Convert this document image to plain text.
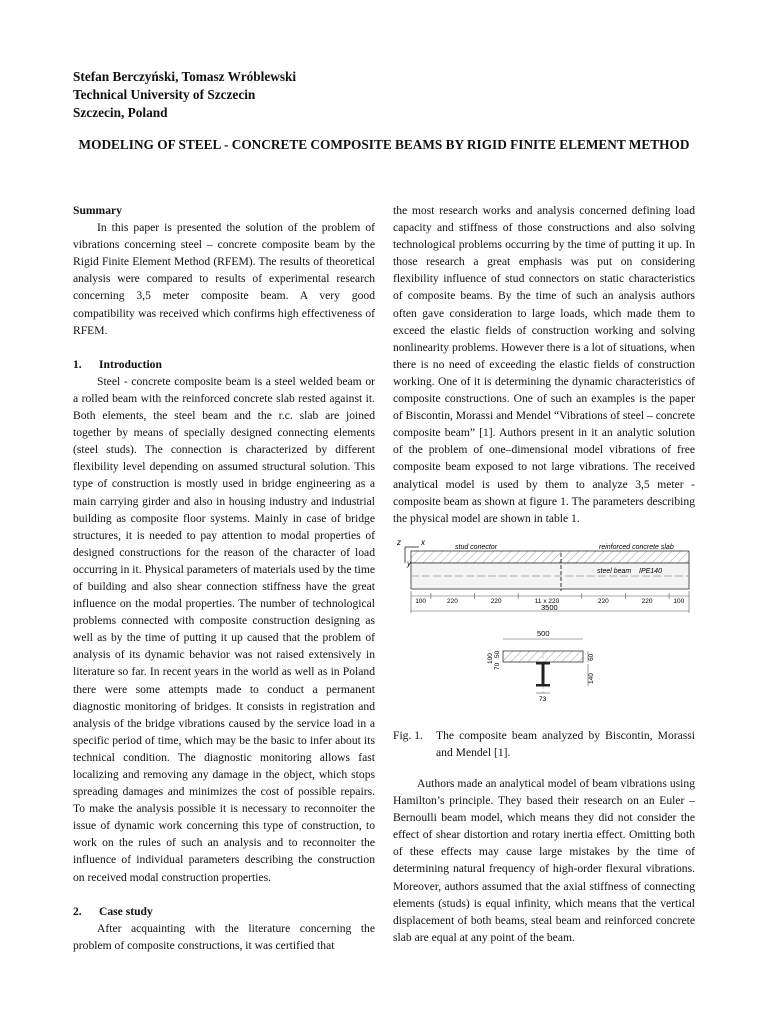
Stefan Berczyński, Tomasz Wróblewski
Technical University of Szczecin
Szczecin, Poland
MODELING OF STEEL - CONCRETE COMPOSITE BEAMS BY RIGID FINITE ELEMENT METHOD

Summary

In this paper is presented the solution of the problem of vibrations concerning steel – concrete composite beam by the Rigid Finite Element Method (RFEM). The results of theoretical analysis were compared to results of experimental research concerning 3,5 meter composite beam. A very good compatibility was received which confirms high effectiveness of RFEM.

1. Introduction

Steel - concrete composite beam is a steel welded beam or a rolled beam with the reinforced concrete slab rested against it. Both elements, the steel beam and the r.c. slab are joined together by means of specially designed connecting elements (steel studs). The connection is characterized by different flexibility level depending on assumed structural solution. This type of construction is mostly used in bridge engineering as a main carrying girder and also in housing industry and industrial building as composite floor systems. Mainly in case of bridge structures, it is needed to pay attention to modal properties of designed constructions for the reason of the character of load occurring in it. Physical parameters of materials used by the time of building and also shear connection stiffness have the great influence on the modal properties. The number of technological problems connected with composite construction designing as well as by the time of putting it up caused that the problem of analysis of its dynamic behavior was not raised extensively in literature so far. In recent years in the world as well as in Poland there were some attempts made to conduct a permanent diagnostic monitoring of bridges. It consists in registration and analysis of the bridge vibrations caused by the service load in a specific period of time, which may be the basic to infer about its technical condition. The diagnostic monitoring allows fast localizing and removing any damage in the object, which stops spreading damages and minimizes the cost of possible repairs. To make the analysis possible it is necessary to reconnoiter the issue of dynamic work concerning this type of construction, to work on the rules of such an analysis and to reconnoiter the influence of individual parameters describing the construction on received modal construction properties.

2. Case study

After acquainting with the literature concerning the problem of composite constructions, it was certified that

the most research works and analysis concerned defining load capacity and stiffness of those constructions and also solving technological problems occurring by the time of putting it up. In those research a great emphasis was put on considering flexibility influence of stud connectors on static characteristics of composite beams. By the time of such an analysis authors often gave consideration to large loads, which made them to exceed the elastic fields of construction working and solving nonlinearity problems. However there is a lot of situations, when there is no need of exceeding the elastic fields of construction working. One of it is determining the dynamic characteristics of composite constructions. One of such an examples is the paper of Biscontin, Morassi and Mendel “Vibrations of steel – concrete composite beam” [1]. Authors present in it an analytic solution of the problem of one–dimensional model vibrations of free composite beam exposed to not large vibrations. The received analytical model is used by them to analyze 3,5 meter - composite beam as shown at figure 1. The parameters describing the physical model are shown in table 1.

z	x
y
stud conector	reinforced concrete slab
steel beam IPE140
100	220	220	11 x 220	220	220	100
3500
500
73
100 50
70
60
140
Fig. 1. The composite beam analyzed by Biscontin, Morassi and Mendel [1].

Authors made an analytical model of beam vibrations using Hamilton’s principle. They based their research on an Euler – Bernoulli beam model, which means they did not consider the effect of shear distortion and rotary inertia effect. Omitting both of these effects may cause large mistakes by the time of determining natural frequency of high-order flexural vibrations. Moreover, authors assumed that the axial stiffness of connecting elements (studs) is equal infinity, which means that the vertical displacement of both beams, steal beam and reinforced concrete slab are equal at any point of the beam.
